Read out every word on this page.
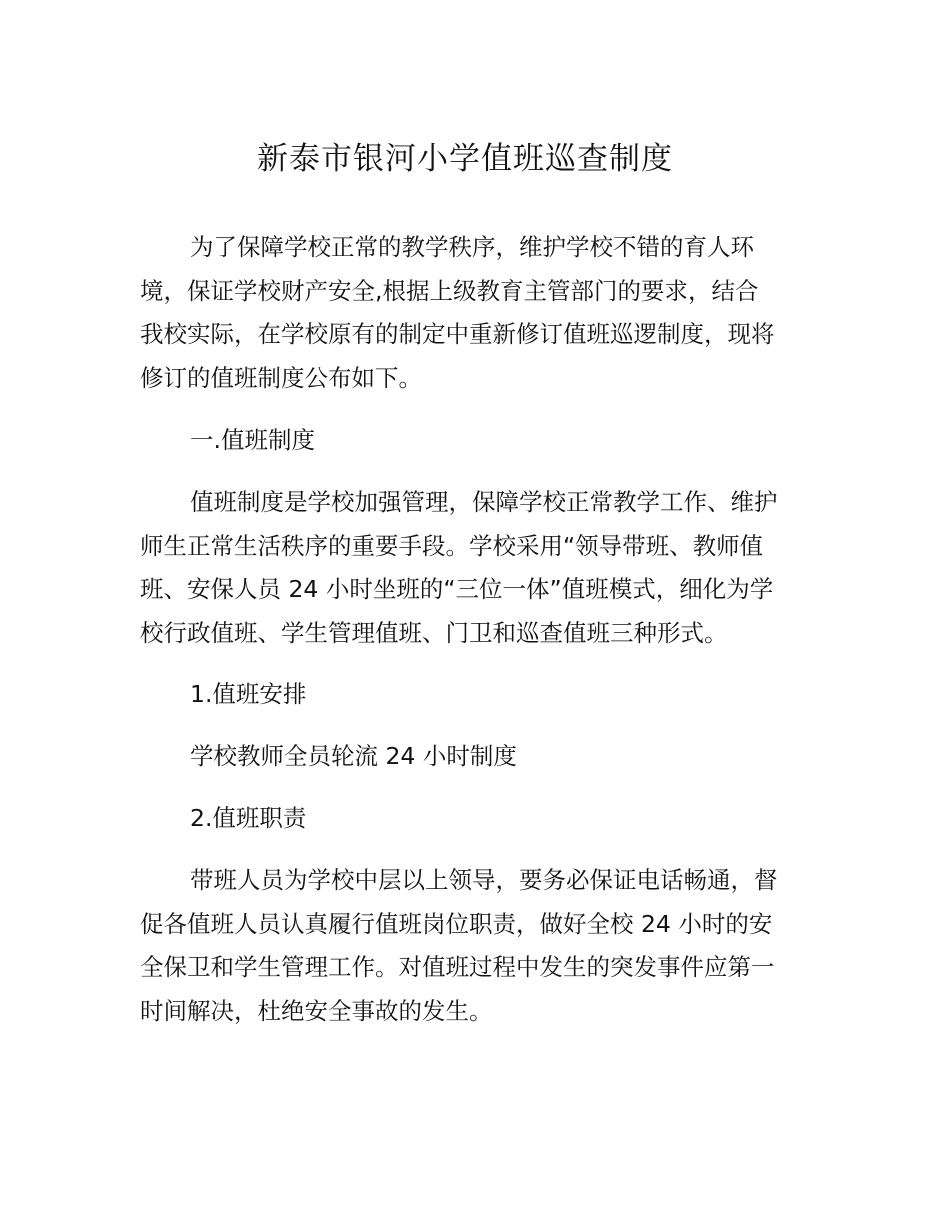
新泰市银河小学值班巡查制度

为了保障学校正常的教学秩序，维护学校不错的育人环
境，保证学校财产安全,根据上级教育主管部门的要求，结合
我校实际，在学校原有的制定中重新修订值班巡逻制度，现将
修订的值班制度公布如下。

一.值班制度

值班制度是学校加强管理，保障学校正常教学工作、维护
师生正常生活秩序的重要手段。学校采用“领导带班、教师值
班、安保人员 24 小时坐班的“三位一体”值班模式，细化为学
校行政值班、学生管理值班、门卫和巡查值班三种形式。

1.值班安排

学校教师全员轮流 24 小时制度

2.值班职责

带班人员为学校中层以上领导，要务必保证电话畅通，督
促各值班人员认真履行值班岗位职责，做好全校 24 小时的安
全保卫和学生管理工作。对值班过程中发生的突发事件应第一
时间解决，杜绝安全事故的发生。
